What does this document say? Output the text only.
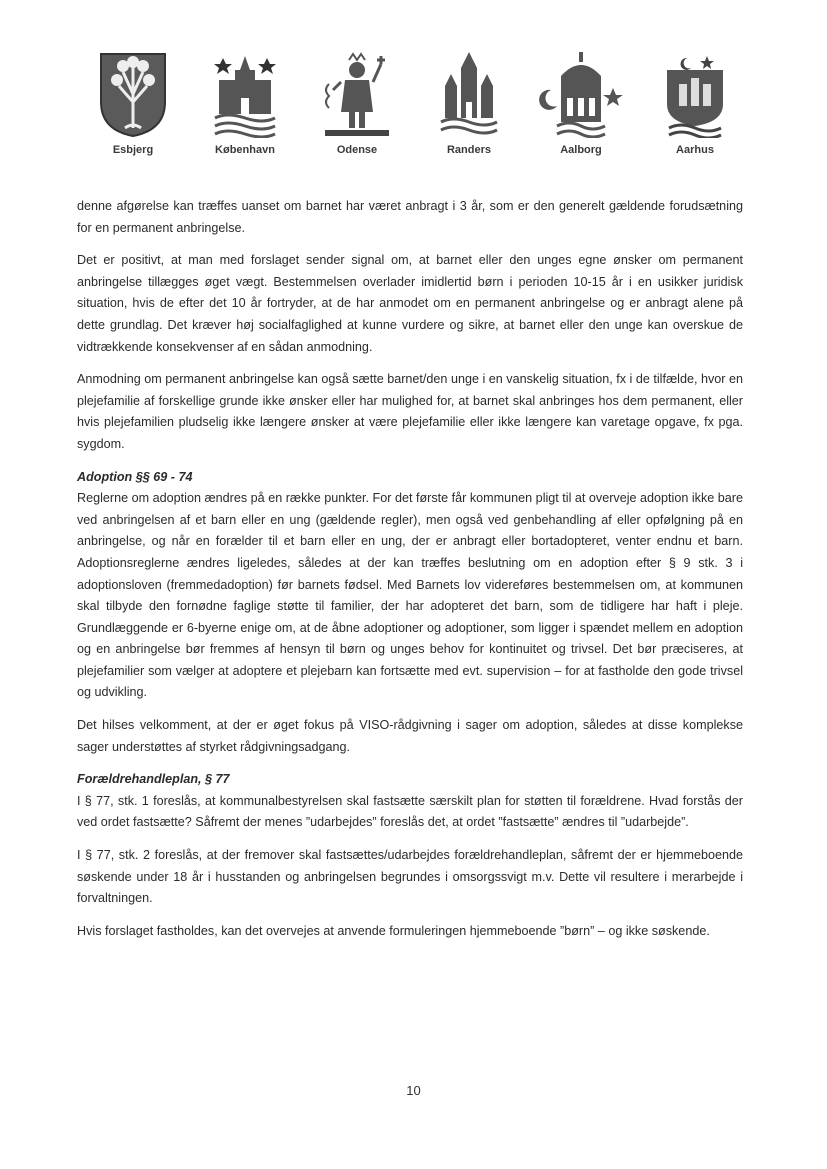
Esbjerg	København	Odense	Randers	Aalborg	Aarhus

denne afgørelse kan træffes uanset om barnet har været anbragt i 3 år, som er den generelt gældende forudsætning for en permanent anbringelse.

Det er positivt, at man med forslaget sender signal om, at barnet eller den unges egne ønsker om permanent anbringelse tillægges øget vægt. Bestemmelsen overlader imidlertid børn i perioden 10-15 år i en usikker juridisk situation, hvis de efter det 10 år fortryder, at de har anmodet om en permanent anbringelse og er anbragt alene på dette grundlag. Det kræver høj socialfaglighed at kunne vurdere og sikre, at barnet eller den unge kan overskue de vidtrækkende konsekvenser af en sådan anmodning.

Anmodning om permanent anbringelse kan også sætte barnet/den unge i en vanskelig situation, fx i de tilfælde, hvor en plejefamilie af forskellige grunde ikke ønsker eller har mulighed for, at barnet skal anbringes hos dem permanent, eller hvis plejefamilien pludselig ikke længere ønsker at være plejefamilie eller ikke længere kan varetage opgave, fx pga. sygdom.

Adoption §§ 69 - 74

Reglerne om adoption ændres på en række punkter. For det første får kommunen pligt til at overveje adoption ikke bare ved anbringelsen af et barn eller en ung (gældende regler), men også ved genbehandling af eller opfølgning på en anbringelse, og når en forælder til et barn eller en ung, der er anbragt eller bortadopteret, venter endnu et barn. Adoptionsreglerne ændres ligeledes, således at der kan træffes beslutning om en adoption efter § 9 stk. 3 i adoptionsloven (fremmedadoption) før barnets fødsel. Med Barnets lov videreføres bestemmelsen om, at kommunen skal tilbyde den fornødne faglige støtte til familier, der har adopteret det barn, som de tidligere har haft i pleje. Grundlæggende er 6-byerne enige om, at de åbne adoptioner og adoptioner, som ligger i spændet mellem en adoption og en anbringelse bør fremmes af hensyn til børn og unges behov for kontinuitet og trivsel. Det bør præciseres, at plejefamilier som vælger at adoptere et plejebarn kan fortsætte med evt. supervision – for at fastholde den gode trivsel og udvikling.

Det hilses velkomment, at der er øget fokus på VISO-rådgivning i sager om adoption, således at disse komplekse sager understøttes af styrket rådgivningsadgang.

Forældrehandleplan, § 77

I § 77, stk. 1 foreslås, at kommunalbestyrelsen skal fastsætte særskilt plan for støtten til forældrene. Hvad forstås der ved ordet fastsætte? Såfremt der menes ”udarbejdes” foreslås det, at ordet ”fastsætte” ændres til ”udarbejde”.

I § 77, stk. 2 foreslås, at der fremover skal fastsættes/udarbejdes forældrehandleplan, såfremt der er hjemmeboende søskende under 18 år i husstanden og anbringelsen begrundes i omsorgssvigt m.v. Dette vil resultere i merarbejde i forvaltningen.

Hvis forslaget fastholdes, kan det overvejes at anvende formuleringen hjemmeboende ”børn” – og ikke søskende.

10
